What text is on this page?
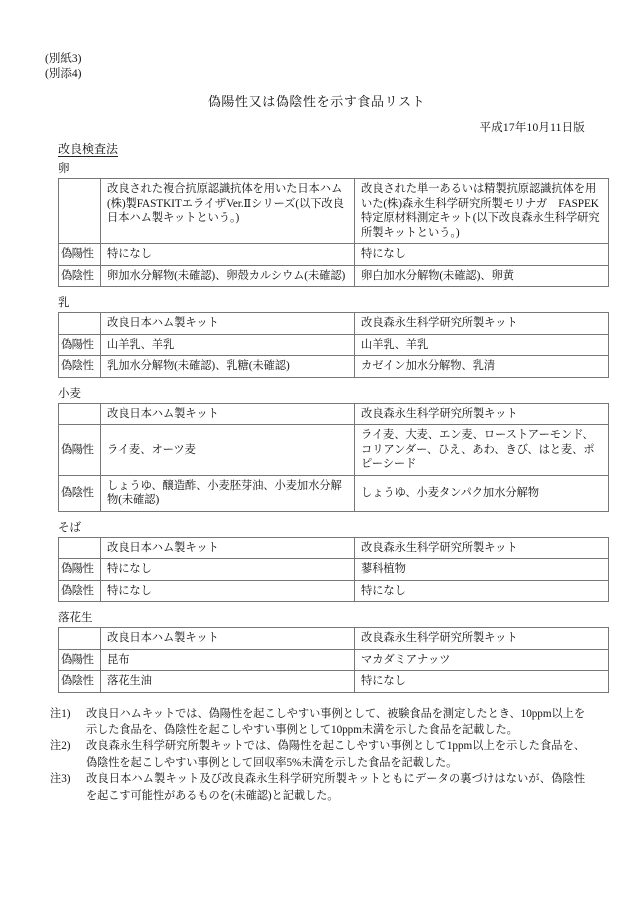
(別紙3)
(別添4)
偽陽性又は偽陰性を示す食品リスト
平成17年10月11日版
改良検査法
卵
	改良された複合抗原認識抗体を用いた日本ハム(株)製FASTKITエライザVer.Ⅱシリーズ(以下改良日本ハム製キットという。)	改良された単一あるいは精製抗原認識抗体を用いた(株)森永生科学研究所製モリナガ　FASPEK　特定原材料測定キット(以下改良森永生科学研究所製キットという。)
偽陽性	特になし	特になし
偽陰性	卵加水分解物(未確認)、卵殻カルシウム(未確認)	卵白加水分解物(未確認)、卵黄
乳
	改良日本ハム製キット	改良森永生科学研究所製キット
偽陽性	山羊乳、羊乳	山羊乳、羊乳
偽陰性	乳加水分解物(未確認)、乳糖(未確認)	カゼイン加水分解物、乳清
小麦
	改良日本ハム製キット	改良森永生科学研究所製キット
偽陽性	ライ麦、オーツ麦	ライ麦、大麦、エン麦、ローストアーモンド、コリアンダー、ひえ、あわ、きび、はと麦、ポピーシード
偽陰性	しょうゆ、醸造酢、小麦胚芽油、小麦加水分解物(未確認)	しょうゆ、小麦タンパク加水分解物
そば
	改良日本ハム製キット	改良森永生科学研究所製キット
偽陽性	特になし	蓼科植物
偽陰性	特になし	特になし
落花生
	改良日本ハム製キット	改良森永生科学研究所製キット
偽陽性	昆布	マカダミアナッツ
偽陰性	落花生油	特になし
注1)	改良日ハムキットでは、偽陽性を起こしやすい事例として、被験食品を測定したとき、10ppm以上を示した食品を、偽陰性を起こしやすい事例として10ppm未満を示した食品を記載した。
注2)	改良森永生科学研究所製キットでは、偽陽性を起こしやすい事例として1ppm以上を示した食品を、偽陰性を起こしやすい事例として回収率5%未満を示した食品を記載した。
注3)	改良日本ハム製キット及び改良森永生科学研究所製キットともにデータの裏づけはないが、偽陰性を起こす可能性があるものを(未確認)と記載した。
